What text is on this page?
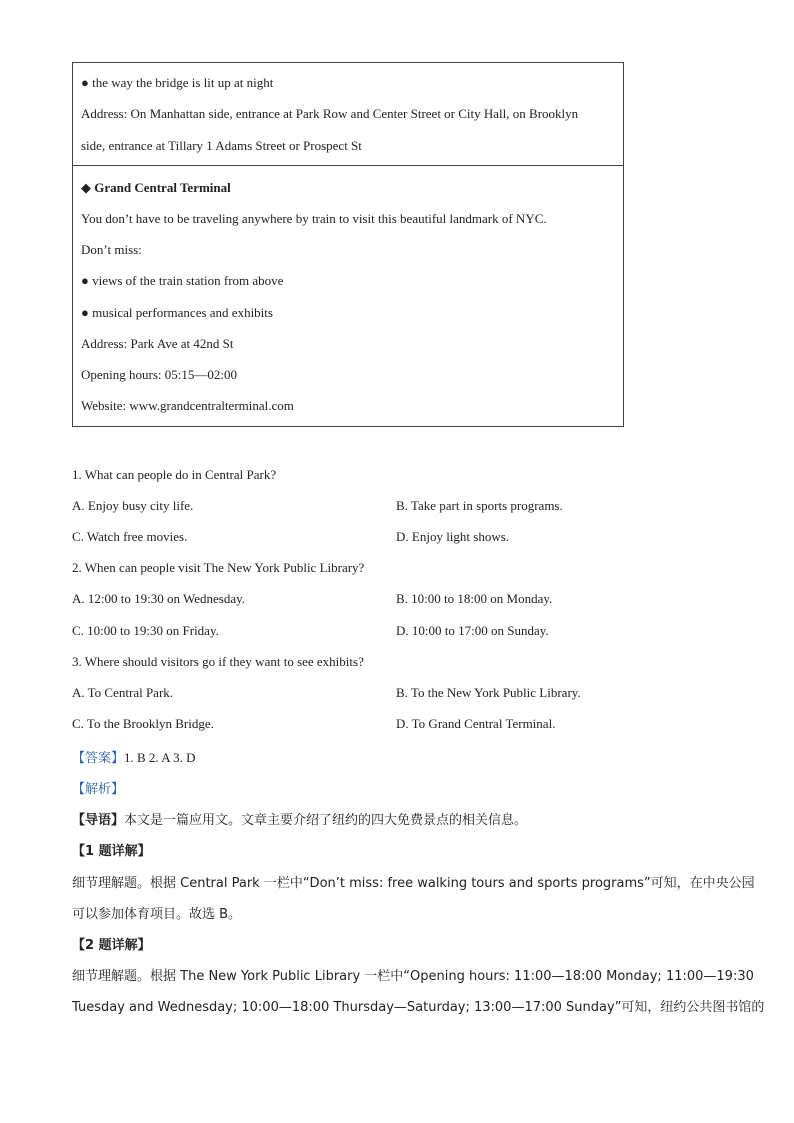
● the way the bridge is lit up at night
Address: On Manhattan side, entrance at Park Row and Center Street or City Hall, on Brooklyn
side, entrance at Tillary 1 Adams Street or Prospect St
◆ Grand Central Terminal
You don’t have to be traveling anywhere by train to visit this beautiful landmark of NYC.
Don’t miss:
● views of the train station from above
● musical performances and exhibits
Address: Park Ave at 42nd St
Opening hours: 05:15—02:00
Website: www.grandcentralterminal.com
1. What can people do in Central Park?
A. Enjoy busy city life.	B. Take part in sports programs.
C. Watch free movies.	D. Enjoy light shows.
2. When can people visit The New York Public Library?
A. 12:00 to 19:30 on Wednesday.	B. 10:00 to 18:00 on Monday.
C. 10:00 to 19:30 on Friday.	D. 10:00 to 17:00 on Sunday.
3. Where should visitors go if they want to see exhibits?
A. To Central Park.	B. To the New York Public Library.
C. To the Brooklyn Bridge.	D. To Grand Central Terminal.
【答案】1. B 2. A 3. D
【解析】
【导语】本文是一篇应用文。文章主要介绍了纽约的四大免费景点的相关信息。
【1 题详解】
细节理解题。根据 Central Park 一栏中“Don’t miss: free walking tours and sports programs”可知，在中央公园
可以参加体育项目。故选 B。
【2 题详解】
细节理解题。根据 The New York Public Library 一栏中“Opening hours: 11:00—18:00 Monday; 11:00—19:30
Tuesday and Wednesday; 10:00—18:00 Thursday—Saturday; 13:00—17:00 Sunday”可知，纽约公共图书馆的
